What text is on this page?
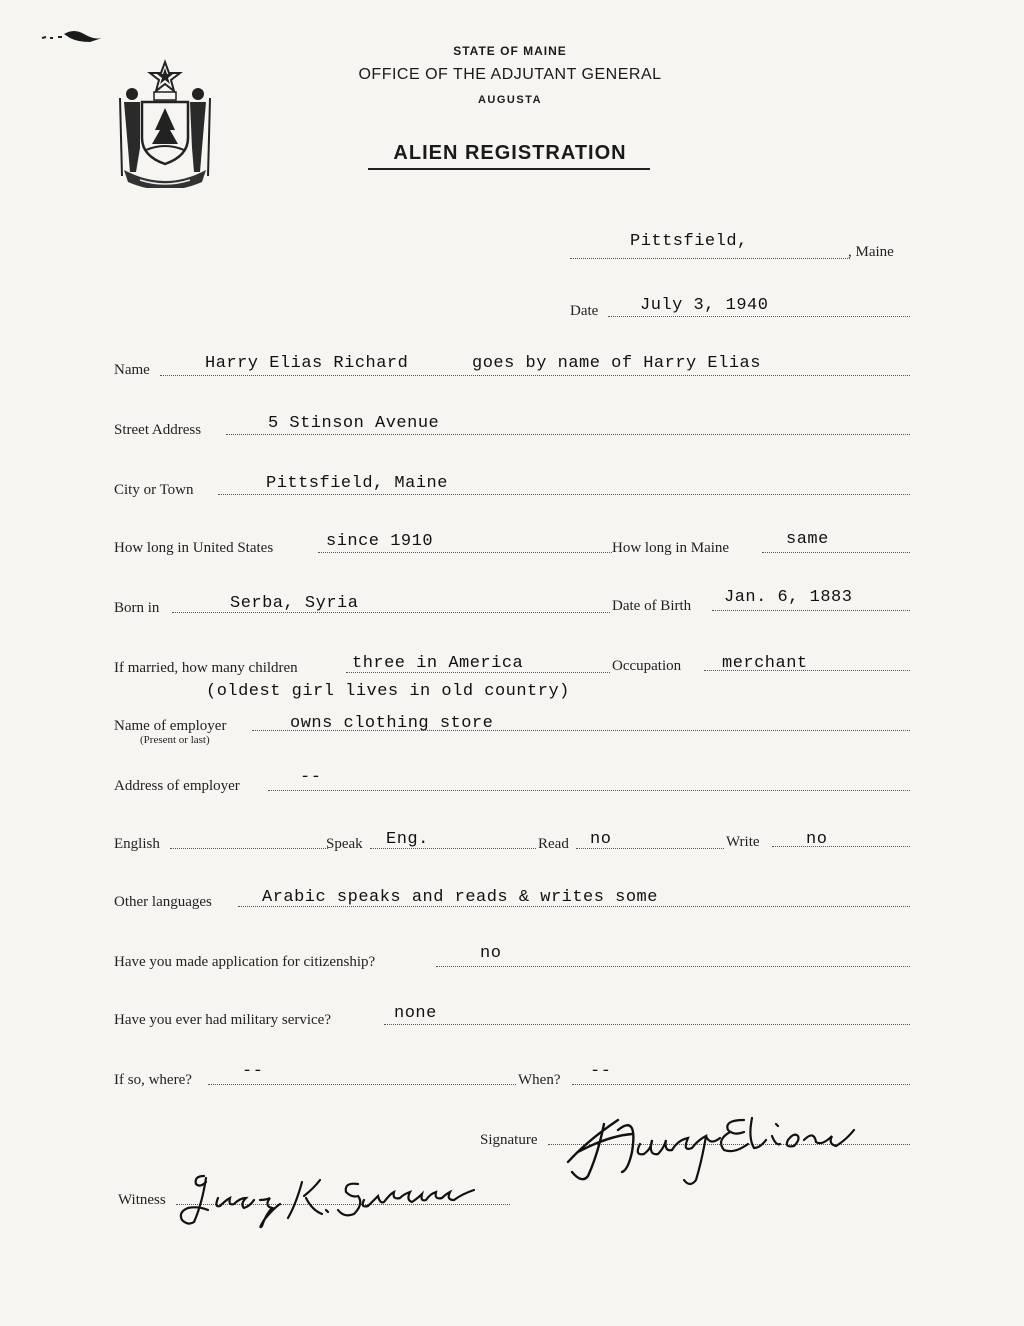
STATE OF MAINE
OFFICE OF THE ADJUTANT GENERAL
AUGUSTA
ALIEN REGISTRATION
Pittsfield,
, Maine
Date July 3, 1940
Name	Harry Elias Richard	goes by name of Harry Elias
Street Address	5 Stinson Avenue
City or Town	Pittsfield, Maine
How long in United States	since 1910	How long in Maine	same
Born in	Serba, Syria	Date of Birth Jan. 6, 1883
If married, how many children	three in America	Occupation merchant
(oldest girl lives in old country)
Name of employer
(Present or last)
owns clothing store
Address of employer	--
English	Speak Eng.	Read no	Write	no
Other languages	Arabic speaks and reads & writes some
Have you made application for citizenship?	no
Have you ever had military service?	none
If so, where?	--	When? --
Signature
Witness
